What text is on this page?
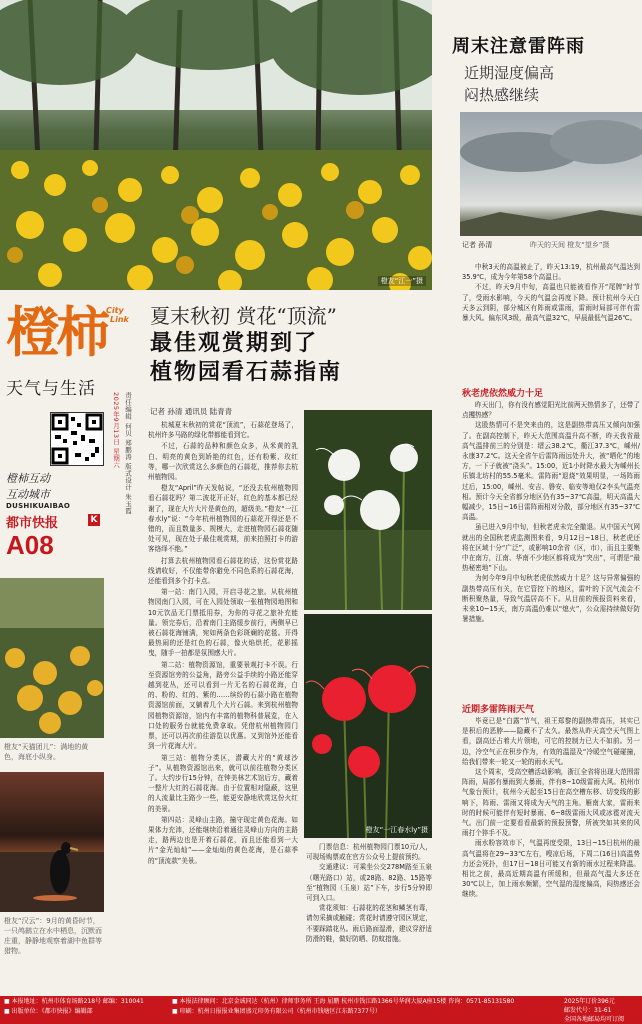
橙友“江一”摄
橙柿 City
Link
天气与生活
2025年9月13日 星期六 责任编辑 何贝 郑鹏涛 版式设计 朱玉霞
橙柿互动
互动城市
DUSHIKUAIBAO
都市快报	K
A08
橙友“天猫团儿”：满地的黄色，海底小纵身。
橙友“汉云”：9月的黄昏时节，一只鸬鹚立在水中栖息，沉默而庄重，静静地观察着湖中鱼群等猎物。
夏末秋初 赏花“顶流”
最佳观赏期到了
植物园看石蒜指南
记者 孙清 通讯员 陆青青

杭城夏末秋初的赏花“顶流”，石蒜花登场了，杭州许多马路的绿化带都能看到它。

不过，石蒜的品种和颜色众多，从米黄的乳白、明亮的黄色到娇艳的红色，还有粉紫、玫红等，哪一次欣赏这么多颜色的石蒜花，推荐你去杭州植物园。

橙友“April”昨天发帖说，“还没去杭州植物园看石蒜花吗？第二波花开正好，红色的基本都已经谢了，现在大片大片是黄色的，超级美。”橙友“一江春水ly”说：“今年杭州植物园的石蒜花开得还是不错的，而且数量多、规模大，走进植物园石蒜花随处可见，现在处于最佳观赏期，前来拍照打卡的游客络绎不绝。”

打算去杭州植物园看石蒜花的话，这份赏花路线请收好，不仅能带你避免不同色系的石蒜花海，还能看到多个打卡点。

第一站：南门入园，开启寻花之旅。从杭州植物园南门入园，可在入园处领取一张植物园地图和10元饮品无门票抵用券，为你的寻花之旅补充能量。领完券后，沿着南门主路缓步前行，两侧早已被石蒜花海铺满，宛如两条色彩斑斓的花毯。开得最热闹的还是红色的石蒜，像火焰烘托，花影摇曳，随手一拍都是氛围感大片。

第二站：植物资源馆，重要景观打卡不误。行至资源馆旁的公益角，路旁公益手续的小路还能穿越到花丛，还可以看到一片无名的石蒜花海，白的、粉的、红的、紫的……缤纷的石蒜小路在植物资源馆前面，又躺着几个大片石蒜。来到杭州植物园植物资源馆，馆内有丰富的植物科普展览，在入口处的服务台就能免费拿取。凭借杭州植物园门票，还可以再次前往游览以优惠。又到馆外还能看到一片花海大片。

第三站：植物分类区，潜藏大片的“黄球沙子”。从植物资源馆出来，就可以前往植物分类区了。大约步行15分钟，在钟美林艺术馆后方，藏着一整片大红的石蒜花海。由于位置相对隐蔽，这里的人流量比主路少一些，能更安静地欣赏这份火红的美景。

第四站：灵峰山主路，撞守现定黄色花海。如果体力充沛，还能继续沿着通往灵峰山方向的主路走，路两边也是开着石蒜花，而且还能看到一大片“金光灿灿”——金灿灿的黄色花海，是石蒜季的“顶流款”美景。

橙友“一江春水ly”摄

门票信息：杭州植物园门票10元/人，可现场购票或在官方公众号上提前预约。

交通建议：可乘坐公交278M路至玉泉（曙光路口）站，或28路、82路、15路等至“植物园（玉泉）站”下车，步行5分钟即可到入口。

赏花须知：石蒜花的花茎和鳞茎有毒，请勿采摘或触碰；赏花时请遵守园区规定，不要踩踏花丛。雨后路面湿滑，建议穿舒适防滑的鞋，做好防晒、防蚊措施。

周末注意雷阵雨
近期湿度偏高
闷热感继续
昨天的天间 橙友“望乡”摄
记者 孙清

中秋3天的高温被止了，昨天13:19，杭州最高气温达到35.9℃，成为今年第58个高温日。

不过，昨天9月中旬，高温也只能被看作开“尾牌”时节了，受雨水影响，今天的气温会再度下降。预计杭州今天白天多云到阴，部分城区有阵雨或雷雨，雷雨时局部可伴有雷暴大风。偏东风3级，最高气温32℃，早晨最低气温26℃。

秋老虎依然威力十足

昨天出门，你有没有感觉阳光比前两天热情多了，还带了点攫热感？

这股热情可不是突来由的，这是副热带高压又倾向加强了。在副高控制下，昨天大范围高温升高不断，昨天我省最高气温排前三的分别是：缙云38.2℃，衢江37.3℃，嵊州/永康37.2℃。这天全省午后雷阵雨远处升大，被“晒化”的地方，一下子就被“浇头”。15:00，近1小时降水最大为嵊州长乐镇北坊村的55.5毫米。雷阵雨“退烧”效果明显，一场阵雨过后，15:00，嵊州、安吉、磐安、临安等地仅2李头气温亮相。预计今天全省都分地区仍有35~37℃高温，明天高温大幅减少，15日~16日雷阵雨相对分散，部分地区有35~37℃高温。

虽已进入9月中旬，但秋老虎未完全撤退。从中国天气网就出的全国秋老虎监测图来看，9月12日~18日，秋老虎还将在区域十分“广泛”，或影响10余省（区，市），而且主要集中在南方，江南、华南不少地区都将成为“突出”，可谓是“最热秘密地”下山。

为何今年9月中旬秋老虎依然威力十足？这与异常偏强的副热带高压有关，在它管控下的地区，雷叶的下沉气流会不断积聚热量，导致气温居高不下。从目前的预报资料来看，未来10~15天，南方高温仍难以“熄火”，公众需持续做好防暑措施。

近期多雷阵雨天气

毕竟已是“白露”节气，祖王郑黎的副热带高压，其实已是积后的恶脖——隐藏不了太久。最然从昨天高空天气图上看，副高还占着大片领地，可它的控制力已大不如前。另一边，冷空气正在积步作为，有效的温湿及“冷暖空气碰碰撞，给我们带来一轮又一轮的雨水天气。

这个周末，受高空槽活动影响，浙江全省将出现大范围雷阵雨，局部有暴雨到大暴雨，伴有8~10级雷雨大风。杭州市气象台预计，杭州今天起至15日在高空槽东移、切变线的影响下，阵雨、雷雨又将成为天气的主角。雁南大家，雷雨来时的时候可能伴有短时暴雨、6~8级雷雨大风或冰雹对流天气。出门前一定要看看最新的预报预警，所被突如其来的风雨打个猝手不及。

雨水粉容效市下，气温再度受限，13日~15日杭州的最高气温将在29~33℃左右，嗖凉后场，下周二(16日)高温势力还会死扑，但17日~18日可能又有新的雨水过程来降温。相比之前，最高近期高温有所缓和，但最高气温大多还在30℃以上，加上雨水频繁，空气湿的湿度偏高，闷热感还会继续。

■ 本报地址：杭州市体育场路218号 邮编：310041
■ 出版单位：《都市快报》编辑部
■ 本报法律顾问：北京金诚同达（杭州）律师事务所 王海 屈鹏 杭州市钱江路1366号华润大厦A座15楼 咨询：0571-85131580
■ 印刷：杭州日报报业集团盛元印务有限公司（杭州市钱塘区江东路7377号）
2025年订价396元
邮发代号：31-61
全国各地邮局均可订阅
